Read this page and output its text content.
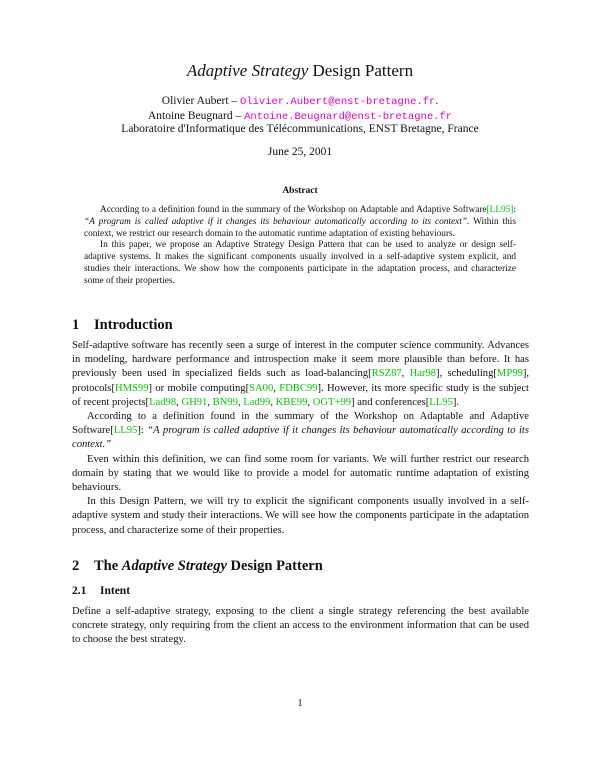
Adaptive Strategy Design Pattern
Olivier Aubert – Olivier.Aubert@enst-bretagne.fr.
Antoine Beugnard – Antoine.Beugnard@enst-bretagne.fr
Laboratoire d'Informatique des Télécommunications, ENST Bretagne, France
June 25, 2001
Abstract

According to a definition found in the summary of the Workshop on Adaptable and Adaptive Software[LL95]: “A program is called adaptive if it changes its behaviour automatically according to its context”. Within this context, we restrict our research domain to the automatic runtime adaptation of existing behaviours.

In this paper, we propose an Adaptive Strategy Design Pattern that can be used to analyze or design self-adaptive systems. It makes the significant components usually involved in a self-adaptive system explicit, and studies their interactions. We show how the components participate in the adaptation process, and characterize some of their properties.

1 Introduction

Self-adaptive software has recently seen a surge of interest in the computer science community. Advances in modeling, hardware performance and introspection make it seem more plausible than before. It has previously been used in specialized fields such as load-balancing[RSZ87, Har98], scheduling[MP99], protocols[HMS99] or mobile computing[SA00, FDBC99]. However, its more specific study is the subject of recent projects[Lad98, GH91, BN99, Lad99, KBE99, OGT+99] and conferences[LL95].

According to a definition found in the summary of the Workshop on Adaptable and Adaptive Software[LL95]: “A program is called adaptive if it changes its behaviour automatically according to its context.”

Even within this definition, we can find some room for variants. We will further restrict our research domain by stating that we would like to provide a model for automatic runtime adaptation of existing behaviours.

In this Design Pattern, we will try to explicit the significant components usually involved in a self-adaptive system and study their interactions. We will see how the components participate in the adaptation process, and characterize some of their properties.

2 The Adaptive Strategy Design Pattern
2.1 Intent

Define a self-adaptive strategy, exposing to the client a single strategy referencing the best available concrete strategy, only requiring from the client an access to the environment information that can be used to choose the best strategy.

1
